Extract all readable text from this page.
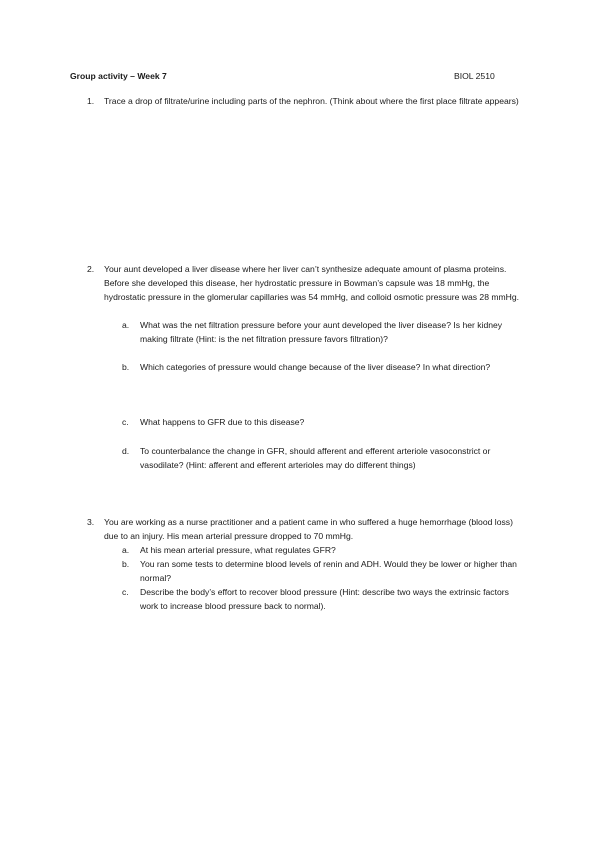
Group activity – Week 7	BIOL 2510
1. Trace a drop of filtrate/urine including parts of the nephron. (Think about where the first place filtrate appears)
2. Your aunt developed a liver disease where her liver can’t synthesize adequate amount of plasma proteins. Before she developed this disease, her hydrostatic pressure in Bowman’s capsule was 18 mmHg, the hydrostatic pressure in the glomerular capillaries was 54 mmHg, and colloid osmotic pressure was 28 mmHg.
a. What was the net filtration pressure before your aunt developed the liver disease? Is her kidney making filtrate (Hint: is the net filtration pressure favors filtration)?
b. Which categories of pressure would change because of the liver disease? In what direction?
c. What happens to GFR due to this disease?
d. To counterbalance the change in GFR, should afferent and efferent arteriole vasoconstrict or vasodilate? (Hint: afferent and efferent arterioles may do different things)
3. You are working as a nurse practitioner and a patient came in who suffered a huge hemorrhage (blood loss) due to an injury. His mean arterial pressure dropped to 70 mmHg.
a. At his mean arterial pressure, what regulates GFR?
b. You ran some tests to determine blood levels of renin and ADH. Would they be lower or higher than normal?
c. Describe the body’s effort to recover blood pressure (Hint: describe two ways the extrinsic factors work to increase blood pressure back to normal).
